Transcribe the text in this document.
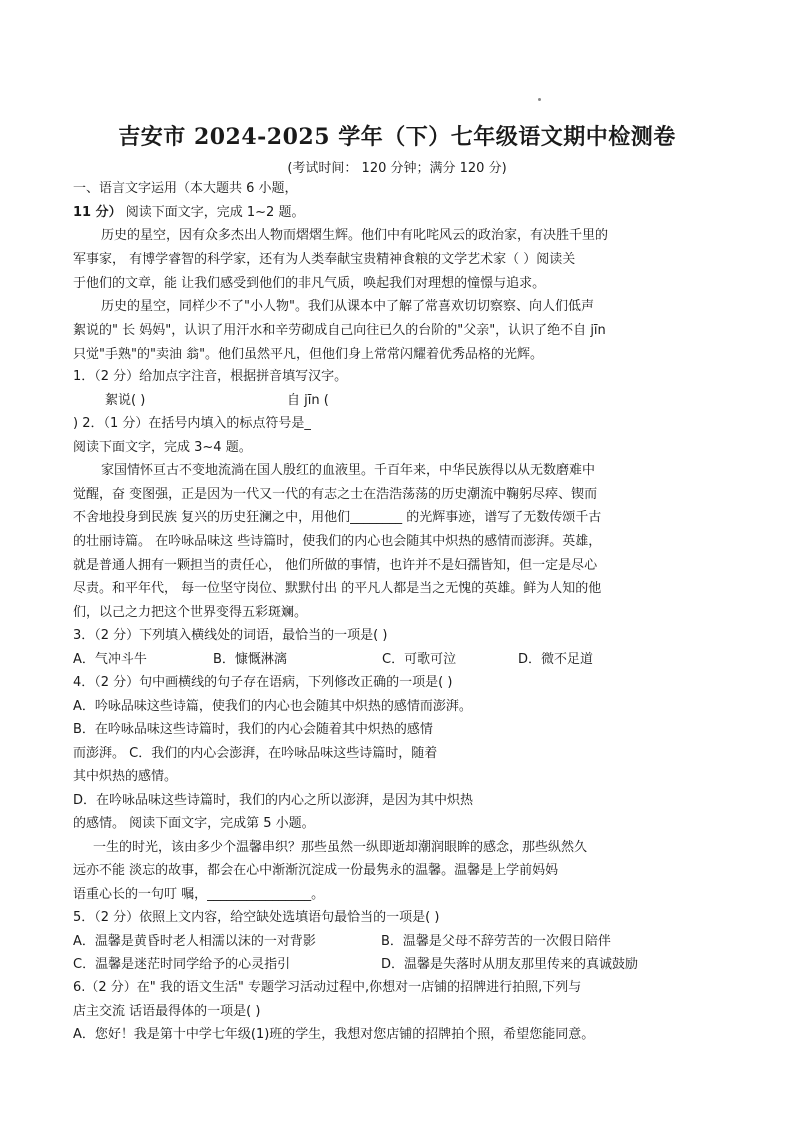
吉安市 2024-2025 学年（下）七年级语文期中检测卷
(考试时间： 120 分钟；满分 120 分)
一、语言文字运用（本大题共 6 小题，
11 分） 阅读下面文字，完成 1~2 题。
历史的星空，因有众多杰出人物而熠熠生辉。他们中有叱咤风云的政治家，有决胜千里的
军事家， 有博学睿智的科学家，还有为人类奉献宝贵精神食粮的文学艺术家（ ）阅读关
于他们的文章，能 让我们感受到他们的非凡气质，唤起我们对理想的憧憬与追求。
历史的星空，同样少不了"小人物"。我们从课本中了解了常喜欢切切察察、向人们低声
絮说的" 长 妈妈"，认识了用汗水和辛劳砌成自己向往已久的台阶的"父亲"，认识了绝不自 jīn
只觉"手熟"的"卖油 翁"。他们虽然平凡，但他们身上常常闪耀着优秀品格的光辉。
1．（2 分）给加点字注音，根据拼音填写汉字。
絮说( )	自 jīn (
) 2．（1 分）在括号内填入的标点符号是_
阅读下面文字，完成 3~4 题。
家国情怀亘古不变地流淌在国人殷红的血液里。千百年来，中华民族得以从无数磨难中
觉醒，奋 变图强，正是因为一代又一代的有志之士在浩浩荡荡的历史潮流中鞠躬尽瘁、锲而
不舍地投身到民族 复兴的历史狂澜之中，用他们________ 的光辉事迹，谱写了无数传颂千古
的壮丽诗篇。 在吟咏品味这 些诗篇时，使我们的内心也会随其中炽热的感情而澎湃。英雄，
就是普通人拥有一颗担当的责任心， 他们所做的事情，也许并不是妇孺皆知，但一定是尽心
尽责。和平年代， 每一位坚守岗位、默默付出 的平凡人都是当之无愧的英雄。鲜为人知的他
们，以己之力把这个世界变得五彩斑斓。
3．（2 分）下列填入横线处的词语，最恰当的一项是( )
A．气冲斗牛	B．慷慨淋漓	C．可歌可泣	D．微不足道
4．（2 分）句中画横线的句子存在语病，下列修改正确的一项是( )
A．吟咏品味这些诗篇，使我们的内心也会随其中炽热的感情而澎湃。
B．在吟咏品味这些诗篇时，我们的内心会随着其中炽热的感情
而澎湃。 C．我们的内心会澎湃，在吟咏品味这些诗篇时，随着
其中炽热的感情。
D．在吟咏品味这些诗篇时，我们的内心之所以澎湃，是因为其中炽热
的感情。 阅读下面文字，完成第 5 小题。
一生的时光，该由多少个温馨串织？那些虽然一纵即逝却潮润眼眸的感念，那些纵然久
远亦不能 淡忘的故事，都会在心中渐渐沉淀成一份最隽永的温馨。温馨是上学前妈妈
语重心长的一句叮 嘱，________________。
5．（2 分）依照上文内容，给空缺处选填语句最恰当的一项是( )
A．温馨是黄昏时老人相濡以沫的一对背影	B．温馨是父母不辞劳苦的一次假日陪伴
C．温馨是迷茫时同学给予的心灵指引	D．温馨是失落时从朋友那里传来的真诚鼓励
6.（2 分）在" 我的语文生活" 专题学习活动过程中,你想对一店铺的招牌进行拍照,下列与
店主交流 话语最得体的一项是( )
A．您好！我是第十中学七年级(1)班的学生，我想对您店铺的招牌拍个照，希望您能同意。
